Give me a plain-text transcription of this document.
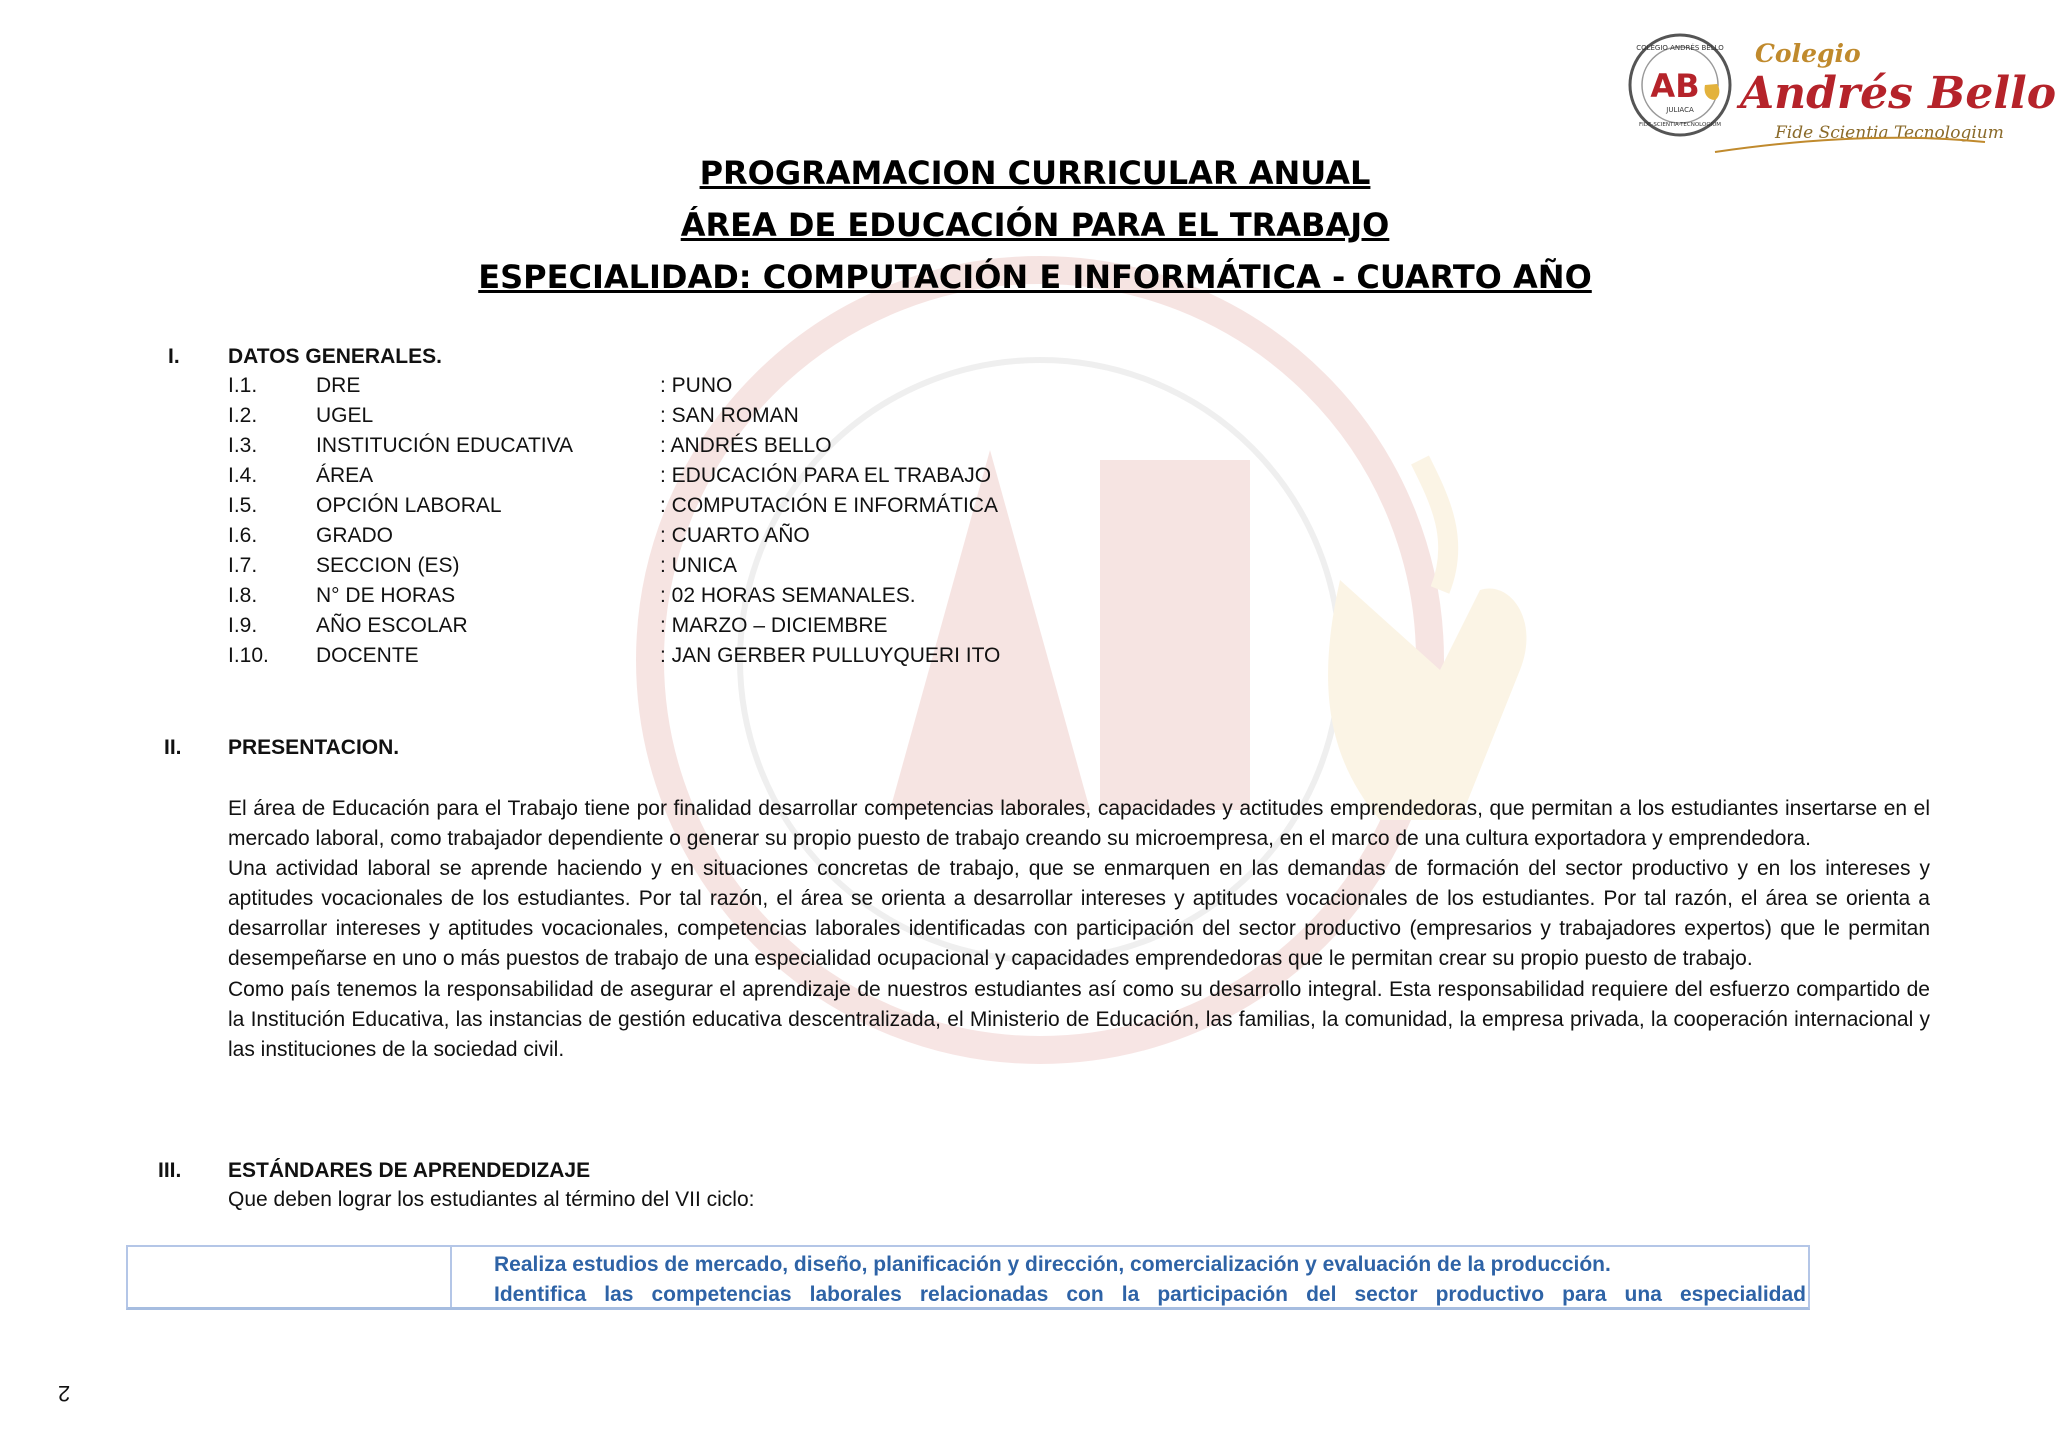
COLEGIO ANDRÉS BELLO
AB
JULIACA
FIDE-SCIENTIA-TECNOLOGIUM
Colegio
Andrés Bello
Fide Scientia Tecnologium
PROGRAMACION CURRICULAR ANUAL
ÁREA DE EDUCACIÓN PARA EL TRABAJO
ESPECIALIDAD: COMPUTACIÓN E INFORMÁTICA - CUARTO AÑO
I. DATOS GENERALES.
I.1.	DRE	: PUNO
I.2.	UGEL	: SAN ROMAN
I.3.	INSTITUCIÓN EDUCATIVA	: ANDRÉS BELLO
I.4.	ÁREA	: EDUCACIÓN PARA EL TRABAJO
I.5.	OPCIÓN LABORAL	: COMPUTACIÓN E INFORMÁTICA
I.6.	GRADO	: CUARTO AÑO
I.7.	SECCION (ES)	: UNICA
I.8.	N° DE HORAS	: 02 HORAS SEMANALES.
I.9.	AÑO ESCOLAR	: MARZO – DICIEMBRE
I.10. DOCENTE	: JAN GERBER PULLUYQUERI ITO
II. PRESENTACION.

El área de Educación para el Trabajo tiene por finalidad desarrollar competencias laborales, capacidades y actitudes emprendedoras, que permitan a los estudiantes insertarse en el mercado laboral, como trabajador dependiente o generar su propio puesto de trabajo creando su microempresa, en el marco de una cultura exportadora y emprendedora.

Una actividad laboral se aprende haciendo y en situaciones concretas de trabajo, que se enmarquen en las demandas de formación del sector productivo y en los intereses y aptitudes vocacionales de los estudiantes. Por tal razón, el área se orienta a desarrollar intereses y aptitudes vocacionales de los estudiantes. Por tal razón, el área se orienta a desarrollar intereses y aptitudes vocacionales, competencias laborales identificadas con participación del sector productivo (empresarios y trabajadores expertos) que le permitan desempeñarse en uno o más puestos de trabajo de una especialidad ocupacional y capacidades emprendedoras que le permitan crear su propio puesto de trabajo.

Como país tenemos la responsabilidad de asegurar el aprendizaje de nuestros estudiantes así como su desarrollo integral. Esta responsabilidad requiere del esfuerzo compartido de la Institución Educativa, las instancias de gestión educativa descentralizada, el Ministerio de Educación, las familias, la comunidad, la empresa privada, la cooperación internacional y las instituciones de la sociedad civil.

III. ESTÁNDARES DE APRENDEDIZAJE
Que deben lograr los estudiantes al término del VII ciclo:
Realiza estudios de mercado, diseño, planificación y dirección, comercialización y evaluación de la producción.
Identifica las competencias laborales relacionadas con la participación del sector productivo para una especialidad
2
